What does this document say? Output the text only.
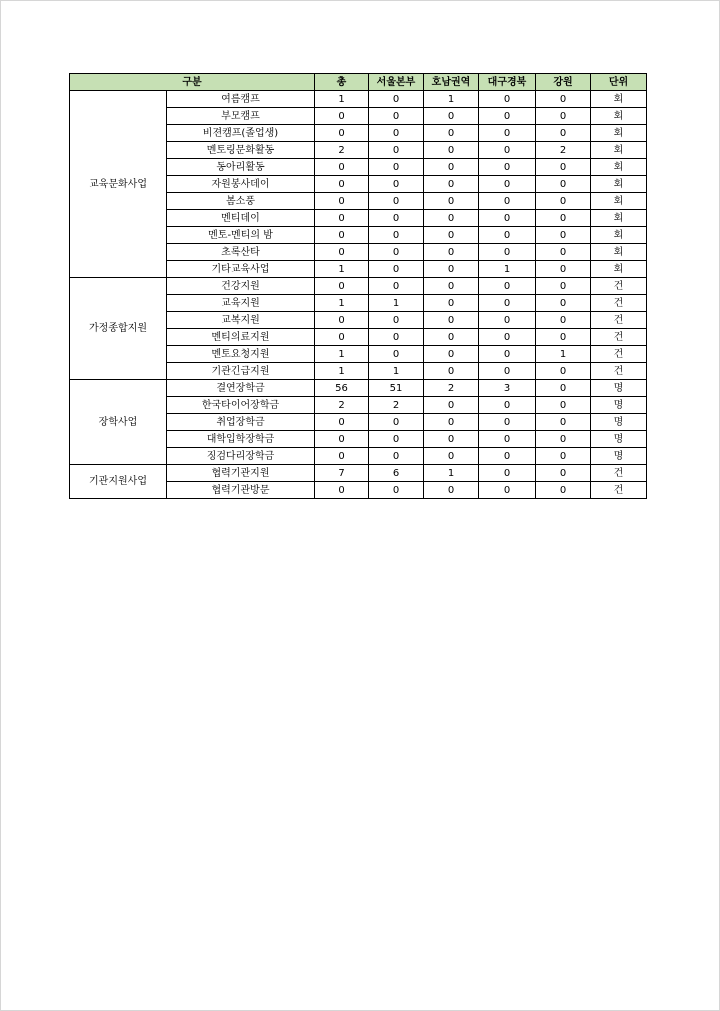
구분		총	서울본부	호남권역	대구경북	강원	단위
교육문화사업	여름캠프	1	0	1	0	0	회
	부모캠프	0	0	0	0	0	회
	비젼캠프(졸업생)	0	0	0	0	0	회
	멘토링문화활동	2	0	0	0	2	회
	동아리활동	0	0	0	0	0	회
	자원봉사데이	0	0	0	0	0	회
	봄소풍	0	0	0	0	0	회
	멘티데이	0	0	0	0	0	회
	멘토-멘티의 밤	0	0	0	0	0	회
	초록산타	0	0	0	0	0	회
	기타교육사업	1	0	0	1	0	회
가정종합지원	건강지원	0	0	0	0	0	건
	교육지원	1	1	0	0	0	건
	교복지원	0	0	0	0	0	건
	멘티의료지원	0	0	0	0	0	건
	멘토요청지원	1	0	0	0	1	건
	기관긴급지원	1	1	0	0	0	건
장학사업	결연장학금	56	51	2	3	0	명
	한국타이어장학금	2	2	0	0	0	명
	취업장학금	0	0	0	0	0	명
	대학입학장학금	0	0	0	0	0	명
	징검다리장학금	0	0	0	0	0	명
기관지원사업	협력기관지원	7	6	1	0	0	건
	협력기관방문	0	0	0	0	0	건
